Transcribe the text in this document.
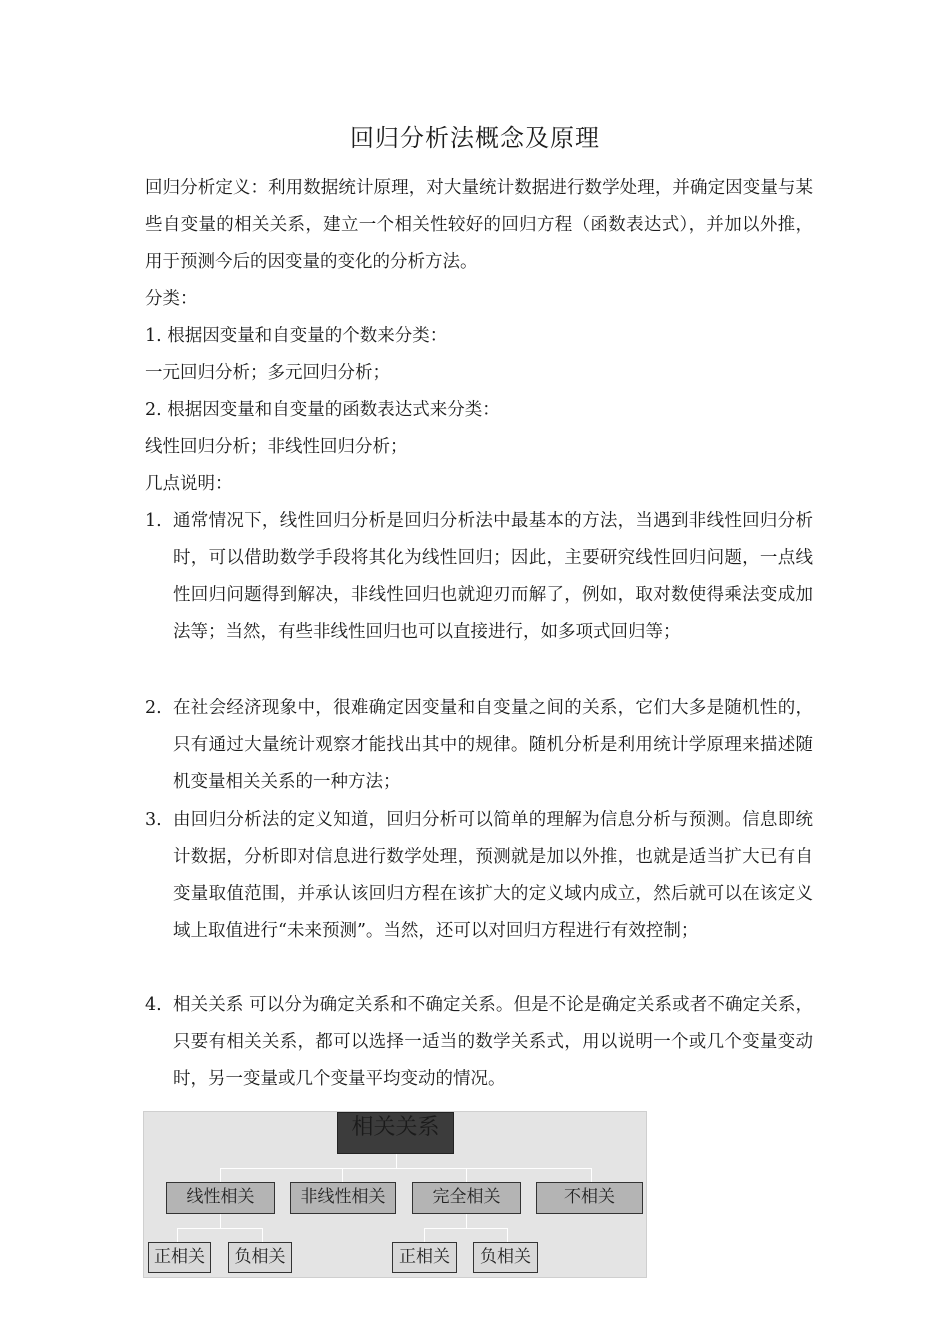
回归分析法概念及原理

回归分析定义：利用数据统计原理，对大量统计数据进行数学处理，并确定因变量与某些自变量的相关关系，建立一个相关性较好的回归方程（函数表达式），并加以外推，用于预测今后的因变量的变化的分析方法。

分类：
1. 根据因变量和自变量的个数来分类：
一元回归分析；多元回归分析；
2. 根据因变量和自变量的函数表达式来分类：
线性回归分析；非线性回归分析；
几点说明：
1. 通常情况下，线性回归分析是回归分析法中最基本的方法，当遇到非线性回归分析时，可以借助数学手段将其化为线性回归；因此，主要研究线性回归问题，一点线性回归问题得到解决，非线性回归也就迎刃而解了，例如，取对数使得乘法变成加法等；当然，有些非线性回归也可以直接进行，如多项式回归等；

2. 在社会经济现象中，很难确定因变量和自变量之间的关系，它们大多是随机性的，只有通过大量统计观察才能找出其中的规律。随机分析是利用统计学原理来描述随机变量相关关系的一种方法；

3. 由回归分析法的定义知道，回归分析可以简单的理解为信息分析与预测。信息即统计数据，分析即对信息进行数学处理，预测就是加以外推，也就是适当扩大已有自变量取值范围，并承认该回归方程在该扩大的定义域内成立，然后就可以在该定义域上取值进行“未来预测”。当然，还可以对回归方程进行有效控制；

4. 相关关系 可以分为确定关系和不确定关系。但是不论是确定关系或者不确定关系，只要有相关关系，都可以选择一适当的数学关系式，用以说明一个或几个变量变动时，另一变量或几个变量平均变动的情况。

相关关系
线性相关	非线性相关	完全相关	不相关
正相关	负相关	正相关	负相关
